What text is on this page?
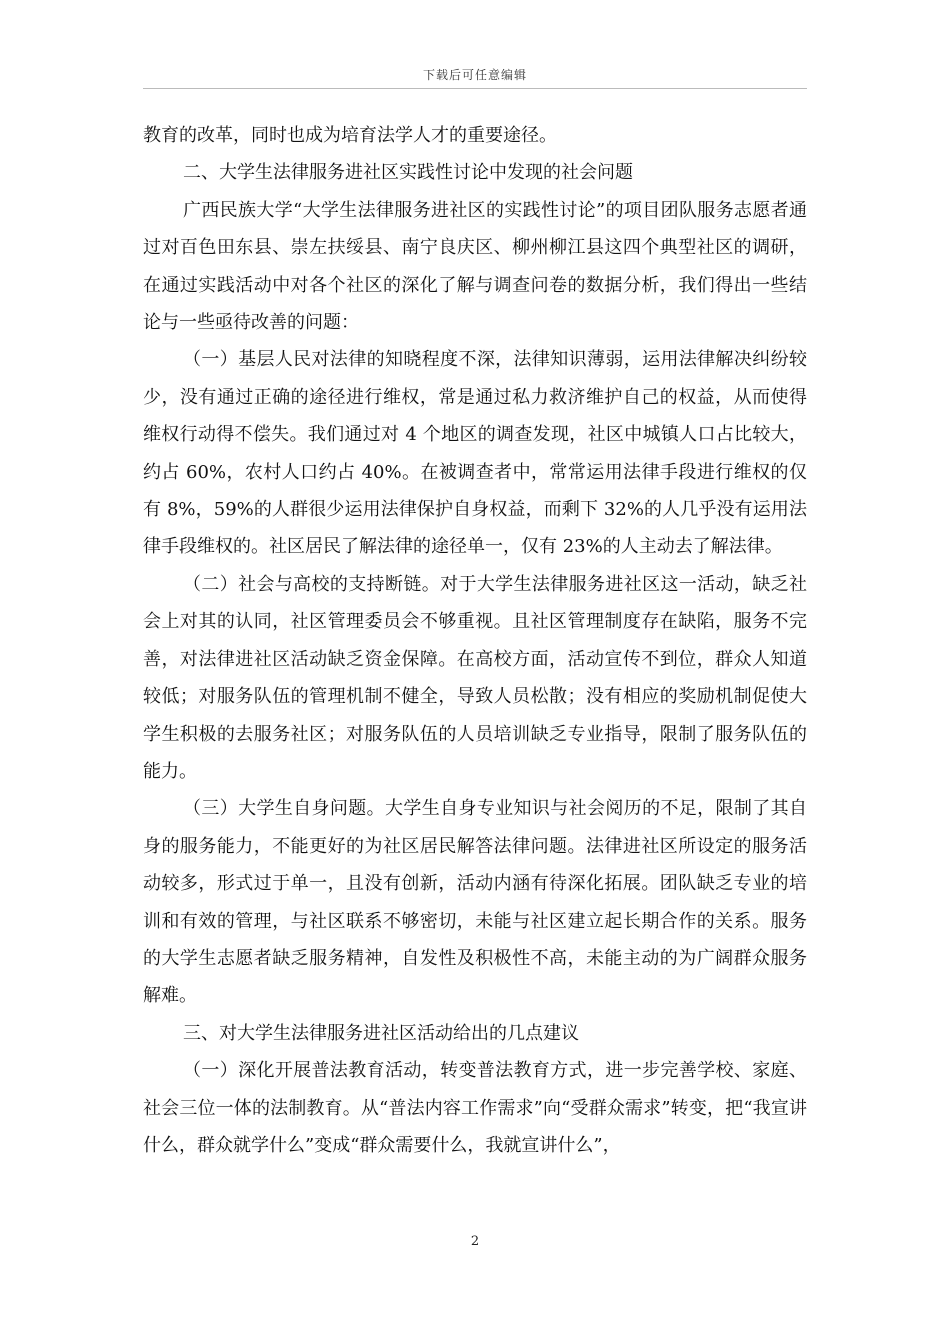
下载后可任意编辑

教育的改革，同时也成为培育法学人才的重要途径。

二、大学生法律服务进社区实践性讨论中发现的社会问题

广西民族大学“大学生法律服务进社区的实践性讨论”的项目团队服务志愿者通过对百色田东县、崇左扶绥县、南宁良庆区、柳州柳江县这四个典型社区的调研，在通过实践活动中对各个社区的深化了解与调查问卷的数据分析，我们得出一些结论与一些亟待改善的问题：

（一）基层人民对法律的知晓程度不深，法律知识薄弱，运用法律解决纠纷较少，没有通过正确的途径进行维权，常是通过私力救济维护自己的权益，从而使得维权行动得不偿失。我们通过对 4 个地区的调查发现，社区中城镇人口占比较大，约占 60%，农村人口约占 40%。在被调查者中，常常运用法律手段进行维权的仅有 8%，59%的人群很少运用法律保护自身权益，而剩下 32%的人几乎没有运用法律手段维权的。社区居民了解法律的途径单一，仅有 23%的人主动去了解法律。

（二）社会与高校的支持断链。对于大学生法律服务进社区这一活动，缺乏社会上对其的认同，社区管理委员会不够重视。且社区管理制度存在缺陷，服务不完善，对法律进社区活动缺乏资金保障。在高校方面，活动宣传不到位，群众人知道较低；对服务队伍的管理机制不健全，导致人员松散；没有相应的奖励机制促使大学生积极的去服务社区；对服务队伍的人员培训缺乏专业指导，限制了服务队伍的能力。

（三）大学生自身问题。大学生自身专业知识与社会阅历的不足，限制了其自身的服务能力，不能更好的为社区居民解答法律问题。法律进社区所设定的服务活动较多，形式过于单一，且没有创新，活动内涵有待深化拓展。团队缺乏专业的培训和有效的管理，与社区联系不够密切，未能与社区建立起长期合作的关系。服务的大学生志愿者缺乏服务精神，自发性及积极性不高，未能主动的为广阔群众服务解难。

三、对大学生法律服务进社区活动给出的几点建议

（一）深化开展普法教育活动，转变普法教育方式，进一步完善学校、家庭、社会三位一体的法制教育。从“普法内容工作需求”向“受群众需求”转变，把“我宣讲什么，群众就学什么”变成“群众需要什么，我就宣讲什么”，

2
